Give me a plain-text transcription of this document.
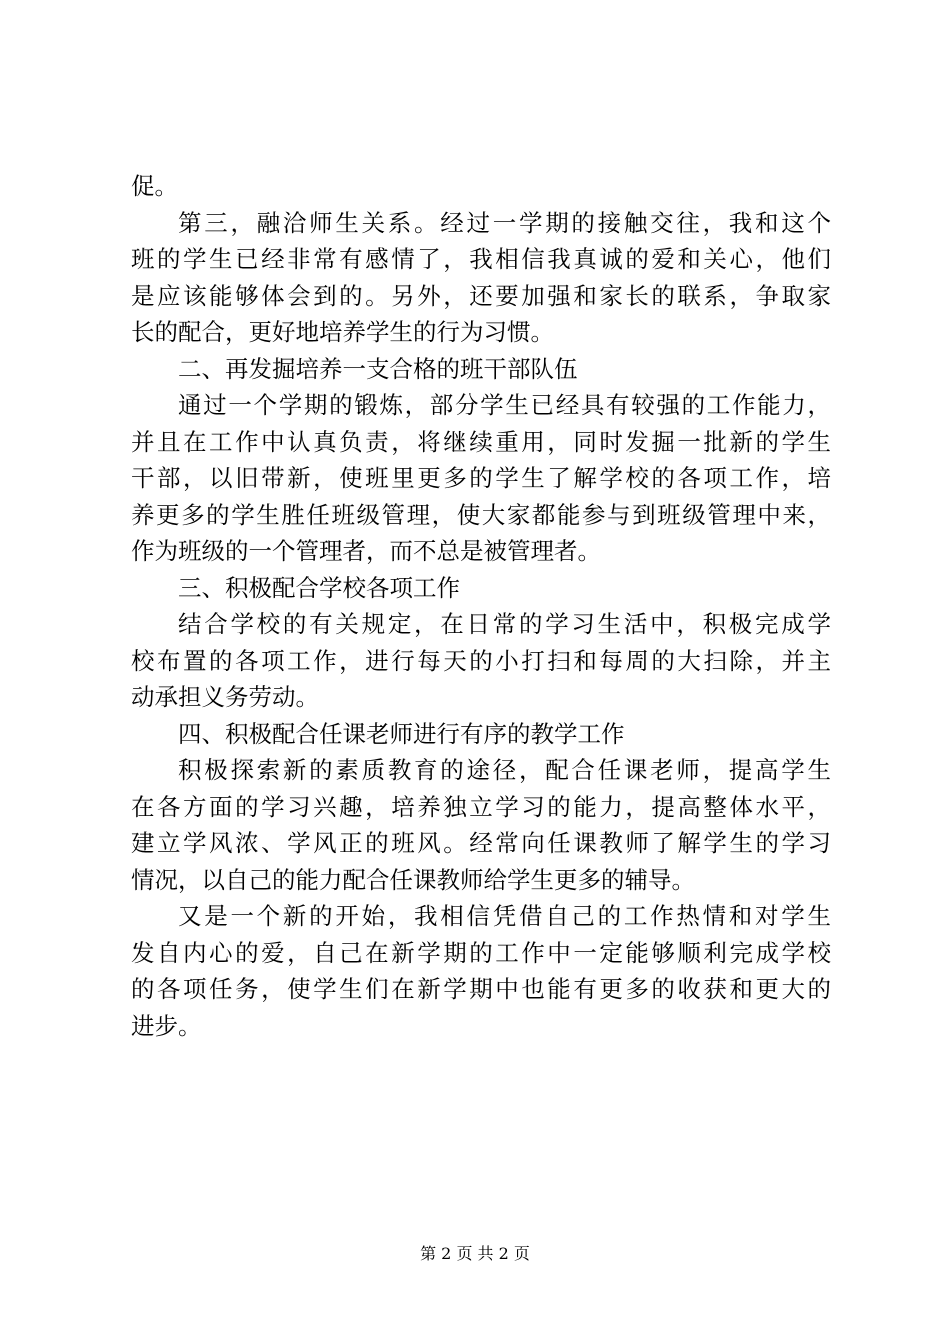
促。
第三，融洽师生关系。经过一学期的接触交往，我和这个
班的学生已经非常有感情了，我相信我真诚的爱和关心，他们
是应该能够体会到的。另外，还要加强和家长的联系，争取家
长的配合，更好地培养学生的行为习惯。
二、再发掘培养一支合格的班干部队伍
通过一个学期的锻炼，部分学生已经具有较强的工作能力，
并且在工作中认真负责，将继续重用，同时发掘一批新的学生
干部，以旧带新，使班里更多的学生了解学校的各项工作，培
养更多的学生胜任班级管理，使大家都能参与到班级管理中来，
作为班级的一个管理者，而不总是被管理者。
三、积极配合学校各项工作
结合学校的有关规定，在日常的学习生活中，积极完成学
校布置的各项工作，进行每天的小打扫和每周的大扫除，并主
动承担义务劳动。
四、积极配合任课老师进行有序的教学工作
积极探索新的素质教育的途径，配合任课老师，提高学生
在各方面的学习兴趣，培养独立学习的能力，提高整体水平，
建立学风浓、学风正的班风。经常向任课教师了解学生的学习
情况，以自己的能力配合任课教师给学生更多的辅导。
又是一个新的开始，我相信凭借自己的工作热情和对学生
发自内心的爱，自己在新学期的工作中一定能够顺利完成学校
的各项任务，使学生们在新学期中也能有更多的收获和更大的
进步。
第 2 页 共 2 页
